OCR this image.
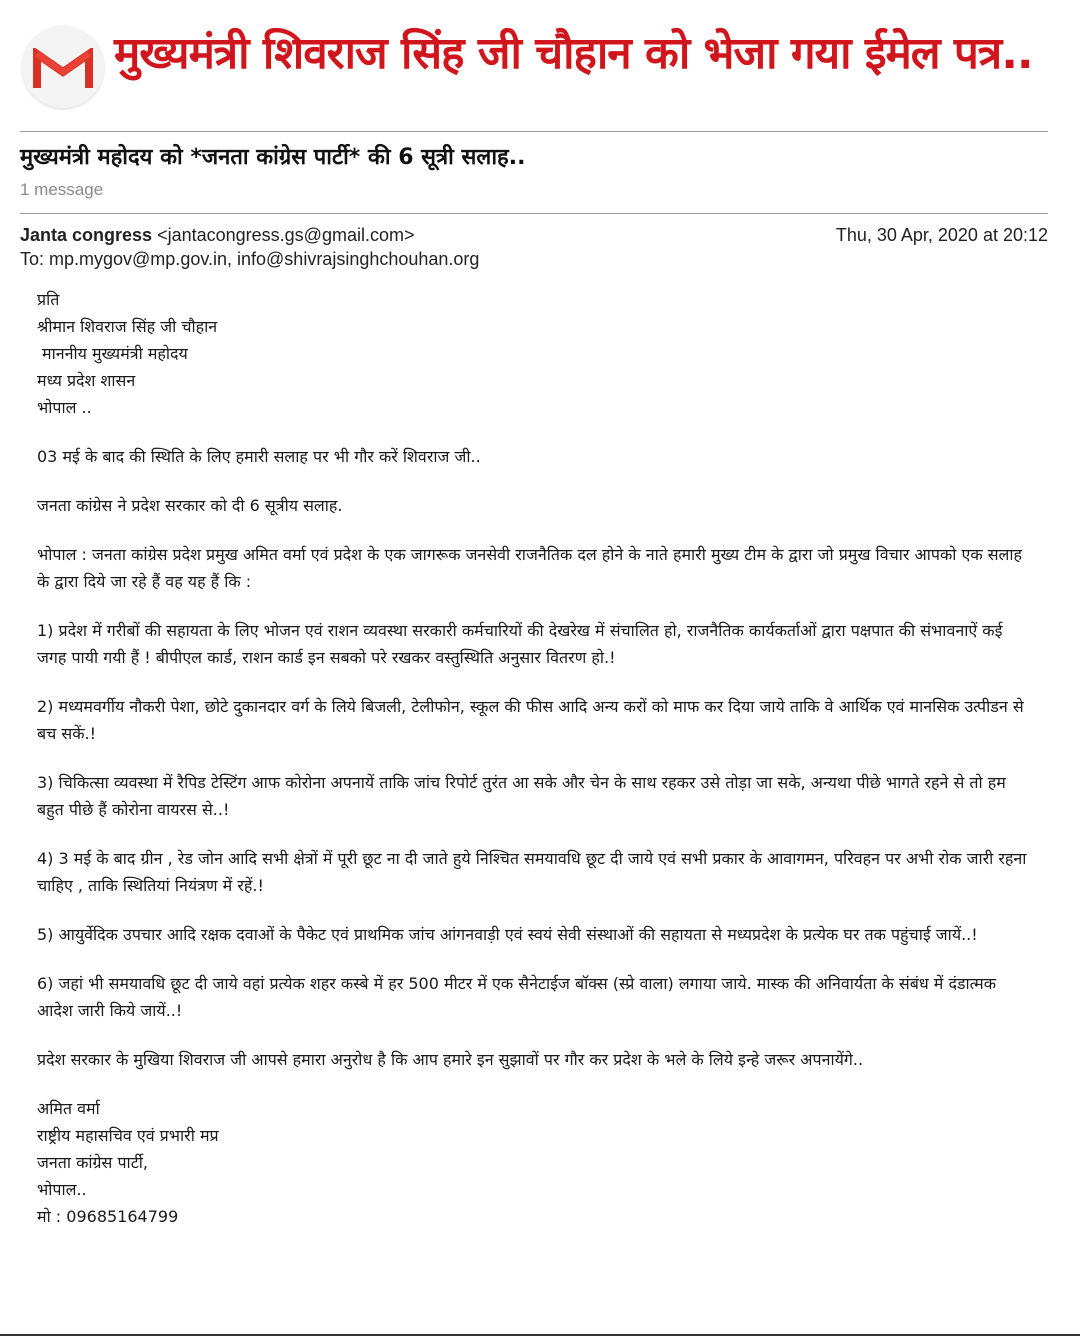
मुख्यमंत्री शिवराज सिंह जी चौहान को भेजा गया ईमेल पत्र..
मुख्यमंत्री महोदय को *जनता कांग्रेस पार्टी* की 6 सूत्री सलाह..
1 message
Janta congress <jantacongress.gs@gmail.com>	Thu, 30 Apr, 2020 at 20:12
To: mp.mygov@mp.gov.in, info@shivrajsinghchouhan.org

प्रति

श्रीमान शिवराज सिंह जी चौहान

माननीय मुख्यमंत्री महोदय

मध्य प्रदेश शासन

भोपाल ..

03 मई के बाद की स्थिति के लिए हमारी सलाह पर भी गौर करें शिवराज जी..

जनता कांग्रेस ने प्रदेश सरकार को दी 6 सूत्रीय सलाह.

भोपाल : जनता कांग्रेस प्रदेश प्रमुख अमित वर्मा एवं प्रदेश के एक जागरूक जनसेवी राजनैतिक दल होने के नाते हमारी मुख्य टीम के द्वारा जो प्रमुख विचार आपको एक सलाह के द्वारा दिये जा रहे हैं वह यह हैं कि :

1) प्रदेश में गरीबों की सहायता के लिए भोजन एवं राशन व्यवस्था सरकारी कर्मचारियों की देखरेख में संचालित हो, राजनैतिक कार्यकर्ताओं द्वारा पक्षपात की संभावनाऐं कई जगह पायी गयी हैं ! बीपीएल कार्ड, राशन कार्ड इन सबको परे रखकर वस्तुस्थिति अनुसार वितरण हो.!

2) मध्यमवर्गीय नौकरी पेशा, छोटे दुकानदार वर्ग के लिये बिजली, टेलीफोन, स्कूल की फीस आदि अन्य करों को माफ कर दिया जाये ताकि वे आर्थिक एवं मानसिक उत्पीडन से बच सकें.!

3) चिकित्सा व्यवस्था में रैपिड टेस्टिंग आफ कोरोना अपनायें ताकि जांच रिपोर्ट तुरंत आ सके और चेन के साथ रहकर उसे तोड़ा जा सके, अन्यथा पीछे भागते रहने से तो हम बहुत पीछे हैं कोरोना वायरस से..!

4) 3 मई के बाद ग्रीन , रेड जोन आदि सभी क्षेत्रों में पूरी छूट ना दी जाते हुये निश्चित समयावधि छूट दी जाये एवं सभी प्रकार के आवागमन, परिवहन पर अभी रोक जारी रहना चाहिए , ताकि स्थितियां नियंत्रण में रहें.!

5) आयुर्वेदिक उपचार आदि रक्षक दवाओं के पैकेट एवं प्राथमिक जांच आंगनवाड़ी एवं स्वयं सेवी संस्थाओं की सहायता से मध्यप्रदेश के प्रत्येक घर तक पहुंचाई जायें..!

6) जहां भी समयावधि छूट दी जाये वहां प्रत्येक शहर कस्बे में हर 500 मीटर में एक सैनेटाईज बॉक्स (स्प्रे वाला) लगाया जाये. मास्क की अनिवार्यता के संबंध में दंडात्मक आदेश जारी किये जायें..!

प्रदेश सरकार के मुखिया शिवराज जी आपसे हमारा अनुरोध है कि आप हमारे इन सुझावों पर गौर कर प्रदेश के भले के लिये इन्हे जरूर अपनायेंगे..

अमित वर्मा

राष्ट्रीय महासचिव एवं प्रभारी मप्र

जनता कांग्रेस पार्टी,

भोपाल..

मो : 09685164799
